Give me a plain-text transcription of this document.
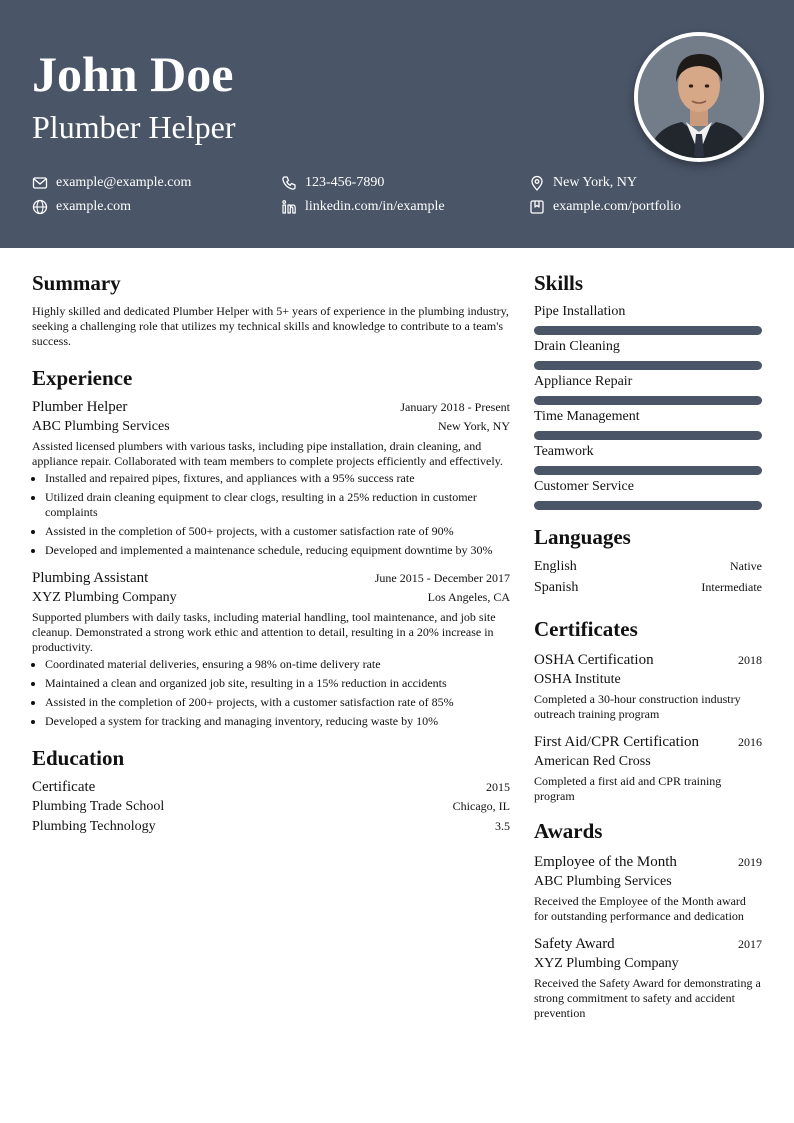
John Doe
Plumber Helper
example@example.com	123-456-7890	New York, NY
example.com	linkedin.com/in/example	example.com/portfolio
Summary

Highly skilled and dedicated Plumber Helper with 5+ years of experience in the plumbing industry, seeking a challenging role that utilizes my technical skills and knowledge to contribute to a team's success.

Experience
Plumber Helper	January 2018 - Present
ABC Plumbing Services	New York, NY
Assisted licensed plumbers with various tasks, including pipe installation, drain cleaning, and appliance repair. Collaborated with team members to complete projects efficiently and effectively.
• Installed and repaired pipes, fixtures, and appliances with a 95% success rate
• Utilized drain cleaning equipment to clear clogs, resulting in a 25% reduction in customer complaints
• Assisted in the completion of 500+ projects, with a customer satisfaction rate of 90%
• Developed and implemented a maintenance schedule, reducing equipment downtime by 30%
Plumbing Assistant	June 2015 - December 2017
XYZ Plumbing Company	Los Angeles, CA
Supported plumbers with daily tasks, including material handling, tool maintenance, and job site cleanup. Demonstrated a strong work ethic and attention to detail, resulting in a 20% increase in productivity.
• Coordinated material deliveries, ensuring a 98% on-time delivery rate
• Maintained a clean and organized job site, resulting in a 15% reduction in accidents
• Assisted in the completion of 200+ projects, with a customer satisfaction rate of 85%
• Developed a system for tracking and managing inventory, reducing waste by 10%
Education
Certificate	2015
Plumbing Trade School	Chicago, IL
Plumbing Technology	3.5
Skills
Pipe Installation
Drain Cleaning
Appliance Repair
Time Management
Teamwork
Customer Service
Languages
English	Native
Spanish	Intermediate
Certificates
OSHA Certification	2018
OSHA Institute
Completed a 30-hour construction industry outreach training program
First Aid/CPR Certification	2016
American Red Cross
Completed a first aid and CPR training program
Awards
Employee of the Month	2019
ABC Plumbing Services
Received the Employee of the Month award for outstanding performance and dedication
Safety Award	2017
XYZ Plumbing Company
Received the Safety Award for demonstrating a strong commitment to safety and accident prevention
